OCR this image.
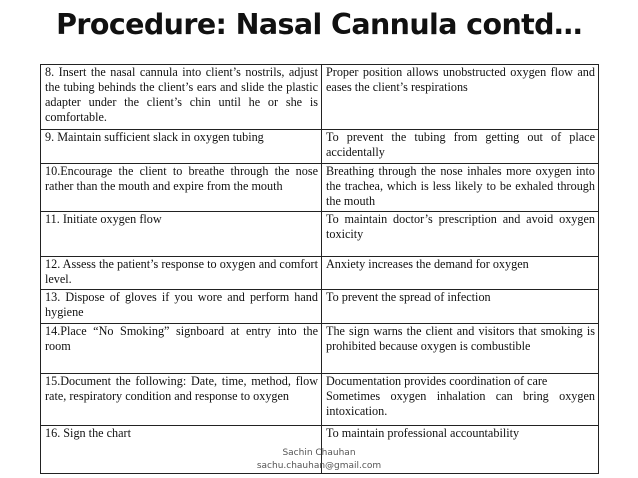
Procedure: Nasal Cannula contd…
8. Insert the nasal cannula into client’s nostrils, adjust the tubing behinds the client’s ears and slide the plastic adapter under the client’s chin until he or she is comfortable.	Proper position allows unobstructed oxygen flow and eases the client’s respirations

9. Maintain sufficient slack in oxygen tubing	To prevent the tubing from getting out of place accidentally

10.Encourage the client to breathe through the nose rather than the mouth and expire from the mouth	Breathing through the nose inhales more oxygen into the trachea, which is less likely to be exhaled through the mouth

11. Initiate oxygen flow	To maintain doctor’s prescription and avoid oxygen toxicity

12. Assess the patient’s response to oxygen and comfort level.	Anxiety increases the demand for oxygen

13. Dispose of gloves if you wore and perform hand hygiene	To prevent the spread of infection

14.Place “No Smoking” signboard at entry into the room	The sign warns the client and visitors that smoking is prohibited because oxygen is combustible

15.Document the following: Date, time, method, flow rate, respiratory condition and response to oxygen	Documentation provides coordination of care
Sometimes oxygen inhalation can bring oxygen intoxication.

16. Sign the chart	To maintain professional accountability
Sachin Chauhan
sachu.chauhan@gmail.com
